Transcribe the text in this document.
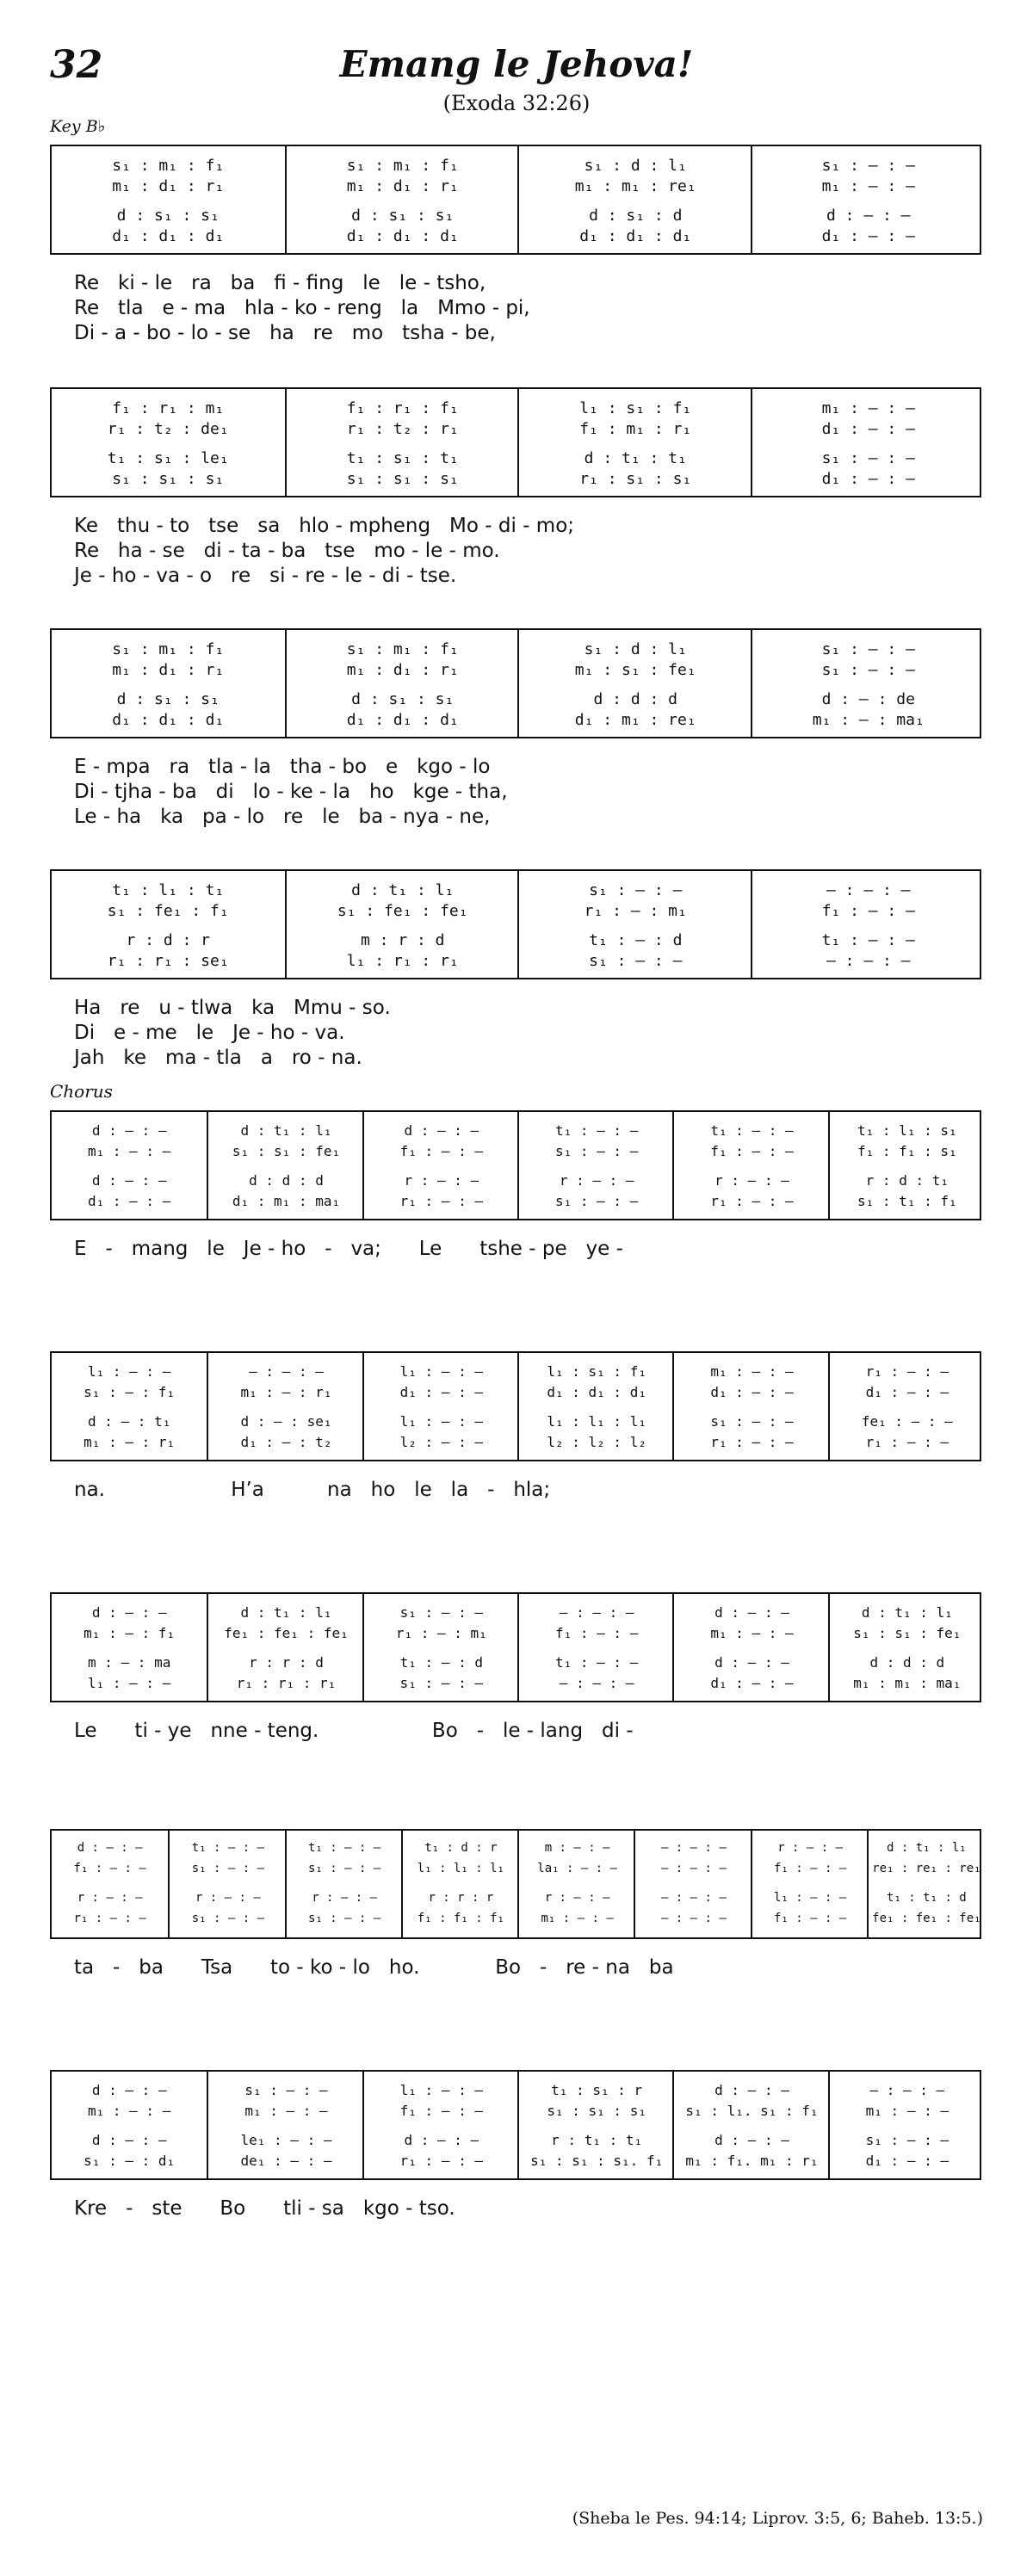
32	Emang le Jehova!
(Exoda 32:26)
Key B♭
Chorus
s₁ : m₁ : f₁
m₁ : d₁ : r₁
d : s₁ : s₁
d₁ : d₁ : d₁
s₁ : m₁ : f₁
m₁ : d₁ : r₁
d : s₁ : s₁
d₁ : d₁ : d₁
s₁ : d : l₁
m₁ : m₁ : re₁
d : s₁ : d
d₁ : d₁ : d₁
s₁ : — : —
m₁ : — : —
d : — : —
d₁ : — : —
Re   ki - le   ra   ba   fi - fing   le   le - tsho,
Re   tla   e - ma   hla - ko - reng   la   Mmo - pi,
Di - a - bo - lo - se   ha   re   mo   tsha - be,
f₁ : r₁ : m₁
r₁ : t₂ : de₁
t₁ : s₁ : le₁
s₁ : s₁ : s₁
f₁ : r₁ : f₁
r₁ : t₂ : r₁
t₁ : s₁ : t₁
s₁ : s₁ : s₁
l₁ : s₁ : f₁
f₁ : m₁ : r₁
d : t₁ : t₁
r₁ : s₁ : s₁
m₁ : — : —
d₁ : — : —
s₁ : — : —
d₁ : — : —
Ke   thu - to   tse   sa   hlo - mpheng   Mo - di - mo;
Re   ha - se   di - ta - ba   tse   mo - le - mo.
Je - ho - va - o   re   si - re - le - di - tse.
s₁ : m₁ : f₁
m₁ : d₁ : r₁
d : s₁ : s₁
d₁ : d₁ : d₁
s₁ : m₁ : f₁
m₁ : d₁ : r₁
d : s₁ : s₁
d₁ : d₁ : d₁
s₁ : d : l₁
m₁ : s₁ : fe₁
d : d : d
d₁ : m₁ : re₁
s₁ : — : —
s₁ : — : —
d : — : de
m₁ : — : ma₁
E - mpa   ra   tla - la   tha - bo   e   kgo - lo
Di - tjha - ba   di   lo - ke - la   ho   kge - tha,
Le - ha   ka   pa - lo   re   le   ba - nya - ne,
t₁ : l₁ : t₁
s₁ : fe₁ : f₁
r : d : r
r₁ : r₁ : se₁
d : t₁ : l₁
s₁ : fe₁ : fe₁
m : r : d
l₁ : r₁ : r₁
s₁ : — : —
r₁ : — : m₁
t₁ : — : d
s₁ : — : —
— : — : —
f₁ : — : —
t₁ : — : —
— : — : —
Ha   re   u - tlwa   ka   Mmu - so.
Di   e - me   le   Je - ho - va.
Jah   ke   ma - tla   a   ro - na.
d : — : —
m₁ : — : —
d : — : —
d₁ : — : —
d : t₁ : l₁
s₁ : s₁ : fe₁
d : d : d
d₁ : m₁ : ma₁
d : — : —
f₁ : — : —
r : — : —
r₁ : — : —
t₁ : — : —
s₁ : — : —
r : — : —
s₁ : — : —
t₁ : — : —
f₁ : — : —
r : — : —
r₁ : — : —
t₁ : l₁ : s₁
f₁ : f₁ : s₁
r : d : t₁
s₁ : t₁ : f₁
E   -   mang   le   Je - ho   -   va;      Le      tshe - pe   ye -
l₁ : — : —
s₁ : — : f₁
d : — : t₁
m₁ : — : r₁
— : — : —
m₁ : — : r₁
d : — : se₁
d₁ : — : t₂
l₁ : — : —
d₁ : — : —
l₁ : — : —
l₂ : — : —
l₁ : s₁ : f₁
d₁ : d₁ : d₁
l₁ : l₁ : l₁
l₂ : l₂ : l₂
m₁ : — : —
d₁ : — : —
s₁ : — : —
r₁ : — : —
r₁ : — : —
d₁ : — : —
fe₁ : — : —
r₁ : — : —
na.                    H’a          na   ho   le   la   -   hla;
d : — : —
m₁ : — : f₁
m : — : ma
l₁ : — : —
d : t₁ : l₁
fe₁ : fe₁ : fe₁
r : r : d
r₁ : r₁ : r₁
s₁ : — : —
r₁ : — : m₁
t₁ : — : d
s₁ : — : —
— : — : —
f₁ : — : —
t₁ : — : —
— : — : —
d : — : —
m₁ : — : —
d : — : —
d₁ : — : —
d : t₁ : l₁
s₁ : s₁ : fe₁
d : d : d
m₁ : m₁ : ma₁
Le      ti - ye   nne - teng.                  Bo   -   le - lang   di -
d : — : —
f₁ : — : —
r : — : —
r₁ : — : —
t₁ : — : —
s₁ : — : —
r : — : —
s₁ : — : —
t₁ : — : —
s₁ : — : —
r : — : —
s₁ : — : —
t₁ : d : r
l₁ : l₁ : l₁
r : r : r
f₁ : f₁ : f₁
m : — : —
la₁ : — : —
r : — : —
m₁ : — : —
— : — : —
— : — : —
— : — : —
— : — : —
r : — : —
f₁ : — : —
l₁ : — : —
f₁ : — : —
d : t₁ : l₁
re₁ : re₁ : re₁
t₁ : t₁ : d
fe₁ : fe₁ : fe₁
ta   -   ba      Tsa      to - ko - lo   ho.            Bo   -   re - na   ba
d : — : —
m₁ : — : —
d : — : —
s₁ : — : d₁
s₁ : — : —
m₁ : — : —
le₁ : — : —
de₁ : — : —
l₁ : — : —
f₁ : — : —
d : — : —
r₁ : — : —
t₁ : s₁ : r
s₁ : s₁ : s₁
r : t₁ : t₁
s₁ : s₁ : s₁. f₁
d : — : —
s₁ : l₁. s₁ : f₁
d : — : —
m₁ : f₁. m₁ : r₁
— : — : —
m₁ : — : —
s₁ : — : —
d₁ : — : —
Kre   -   ste      Bo      tli - sa   kgo - tso.
(Sheba le Pes. 94:14; Liprov. 3:5, 6; Baheb. 13:5.)
